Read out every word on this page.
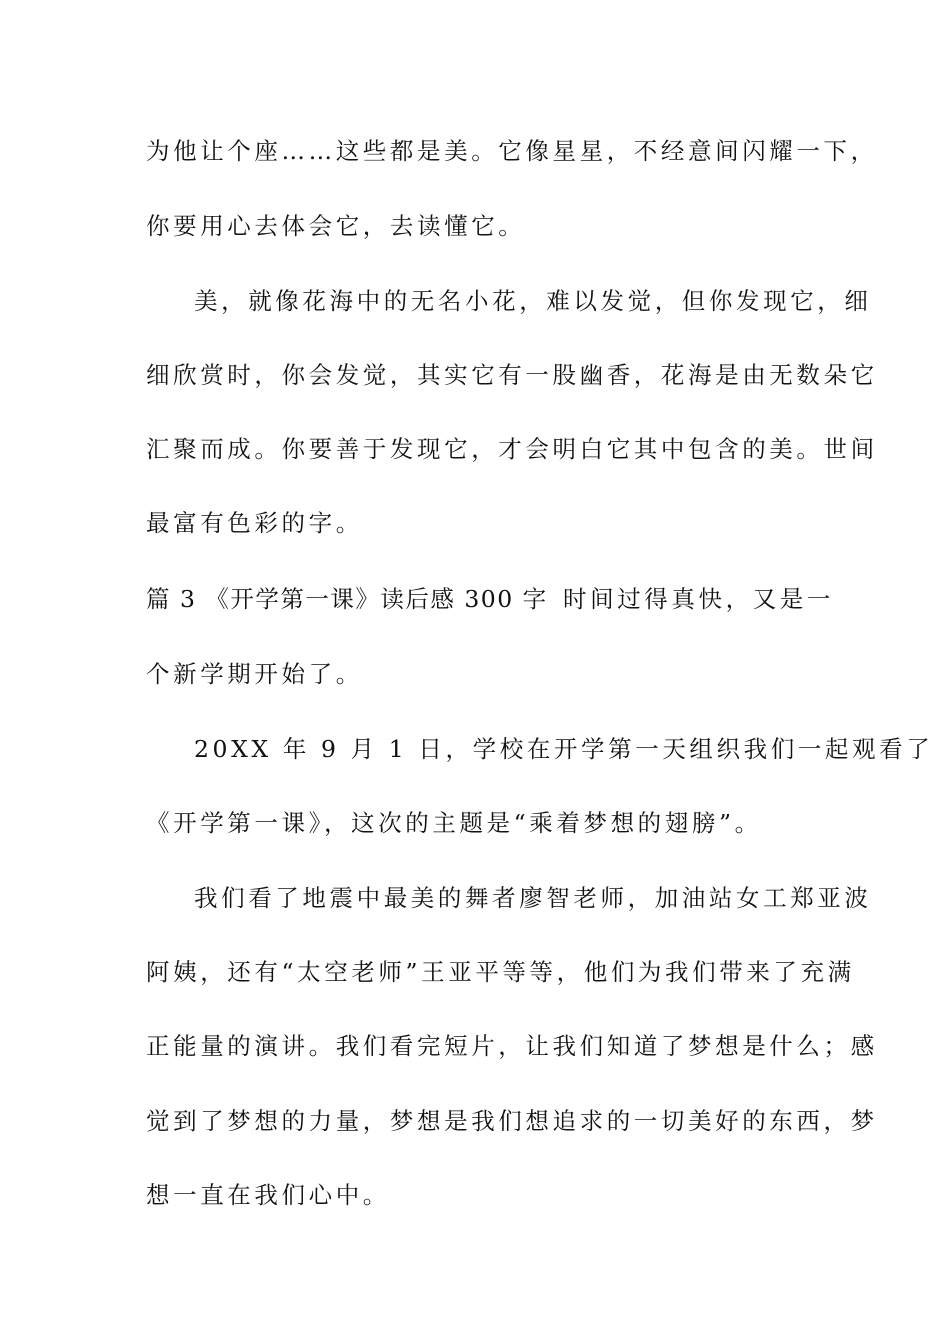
为他让个座……这些都是美。它像星星，不经意间闪耀一下，
你要用心去体会它，去读懂它。
美，就像花海中的无名小花，难以发觉，但你发现它，细
细欣赏时，你会发觉，其实它有一股幽香，花海是由无数朵它
汇聚而成。你要善于发现它，才会明白它其中包含的美。世间
最富有色彩的字。
篇 3 《开学第一课》读后感 300 字 时间过得真快，又是一
个新学期开始了。
20XX 年 9 月 1 日，学校在开学第一天组织我们一起观看了
《开学第一课》，这次的主题是“乘着梦想的翅膀”。
我们看了地震中最美的舞者廖智老师，加油站女工郑亚波
阿姨，还有“太空老师”王亚平等等，他们为我们带来了充满
正能量的演讲。我们看完短片，让我们知道了梦想是什么；感
觉到了梦想的力量，梦想是我们想追求的一切美好的东西，梦
想一直在我们心中。
